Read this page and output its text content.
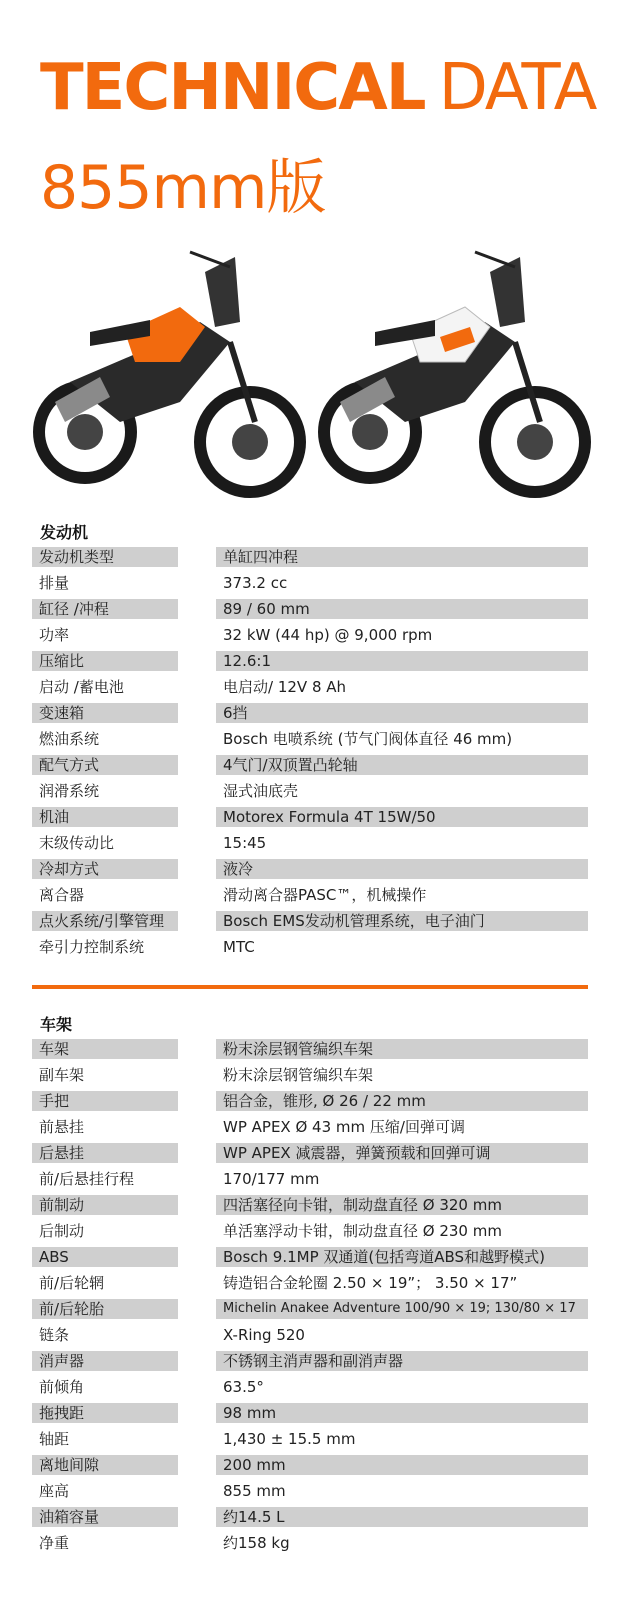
TECHNICAL DATA
855mm版
发动机
发动机类型	单缸四冲程
排量	373.2 cc
缸径 /冲程	89 / 60 mm
功率	32 kW (44 hp) @ 9,000 rpm
压缩比	12.6:1
启动 /蓄电池	电启动/ 12V 8 Ah
变速箱	6挡
燃油系统	Bosch 电喷系统 (节气门阀体直径 46 mm)
配气方式	4气门/双顶置凸轮轴
润滑系统	湿式油底壳
机油	Motorex Formula 4T 15W/50
末级传动比	15:45
冷却方式	液冷
离合器	滑动离合器PASC™，机械操作
点火系统/引擎管理	Bosch EMS发动机管理系统，电子油门
牵引力控制系统	MTC
车架
车架	粉末涂层钢管编织车架
副车架	粉末涂层钢管编织车架
手把	铝合金，锥形, Ø 26 / 22 mm
前悬挂	WP APEX Ø 43 mm 压缩/回弹可调
后悬挂	WP APEX 减震器，弹簧预载和回弹可调
前/后悬挂行程	170/177 mm
前制动	四活塞径向卡钳，制动盘直径 Ø 320 mm
后制动	单活塞浮动卡钳，制动盘直径 Ø 230 mm
ABS	Bosch 9.1MP 双通道(包括弯道ABS和越野模式)
前/后轮辋	铸造铝合金轮圈 2.50 × 19”； 3.50 × 17”
前/后轮胎	Michelin Anakee Adventure 100/90 × 19; 130/80 × 17
链条	X-Ring 520
消声器	不锈钢主消声器和副消声器
前倾角	63.5°
拖拽距	98 mm
轴距	1,430 ± 15.5 mm
离地间隙	200 mm
座高	855 mm
油箱容量	约14.5 L
净重	约158 kg
